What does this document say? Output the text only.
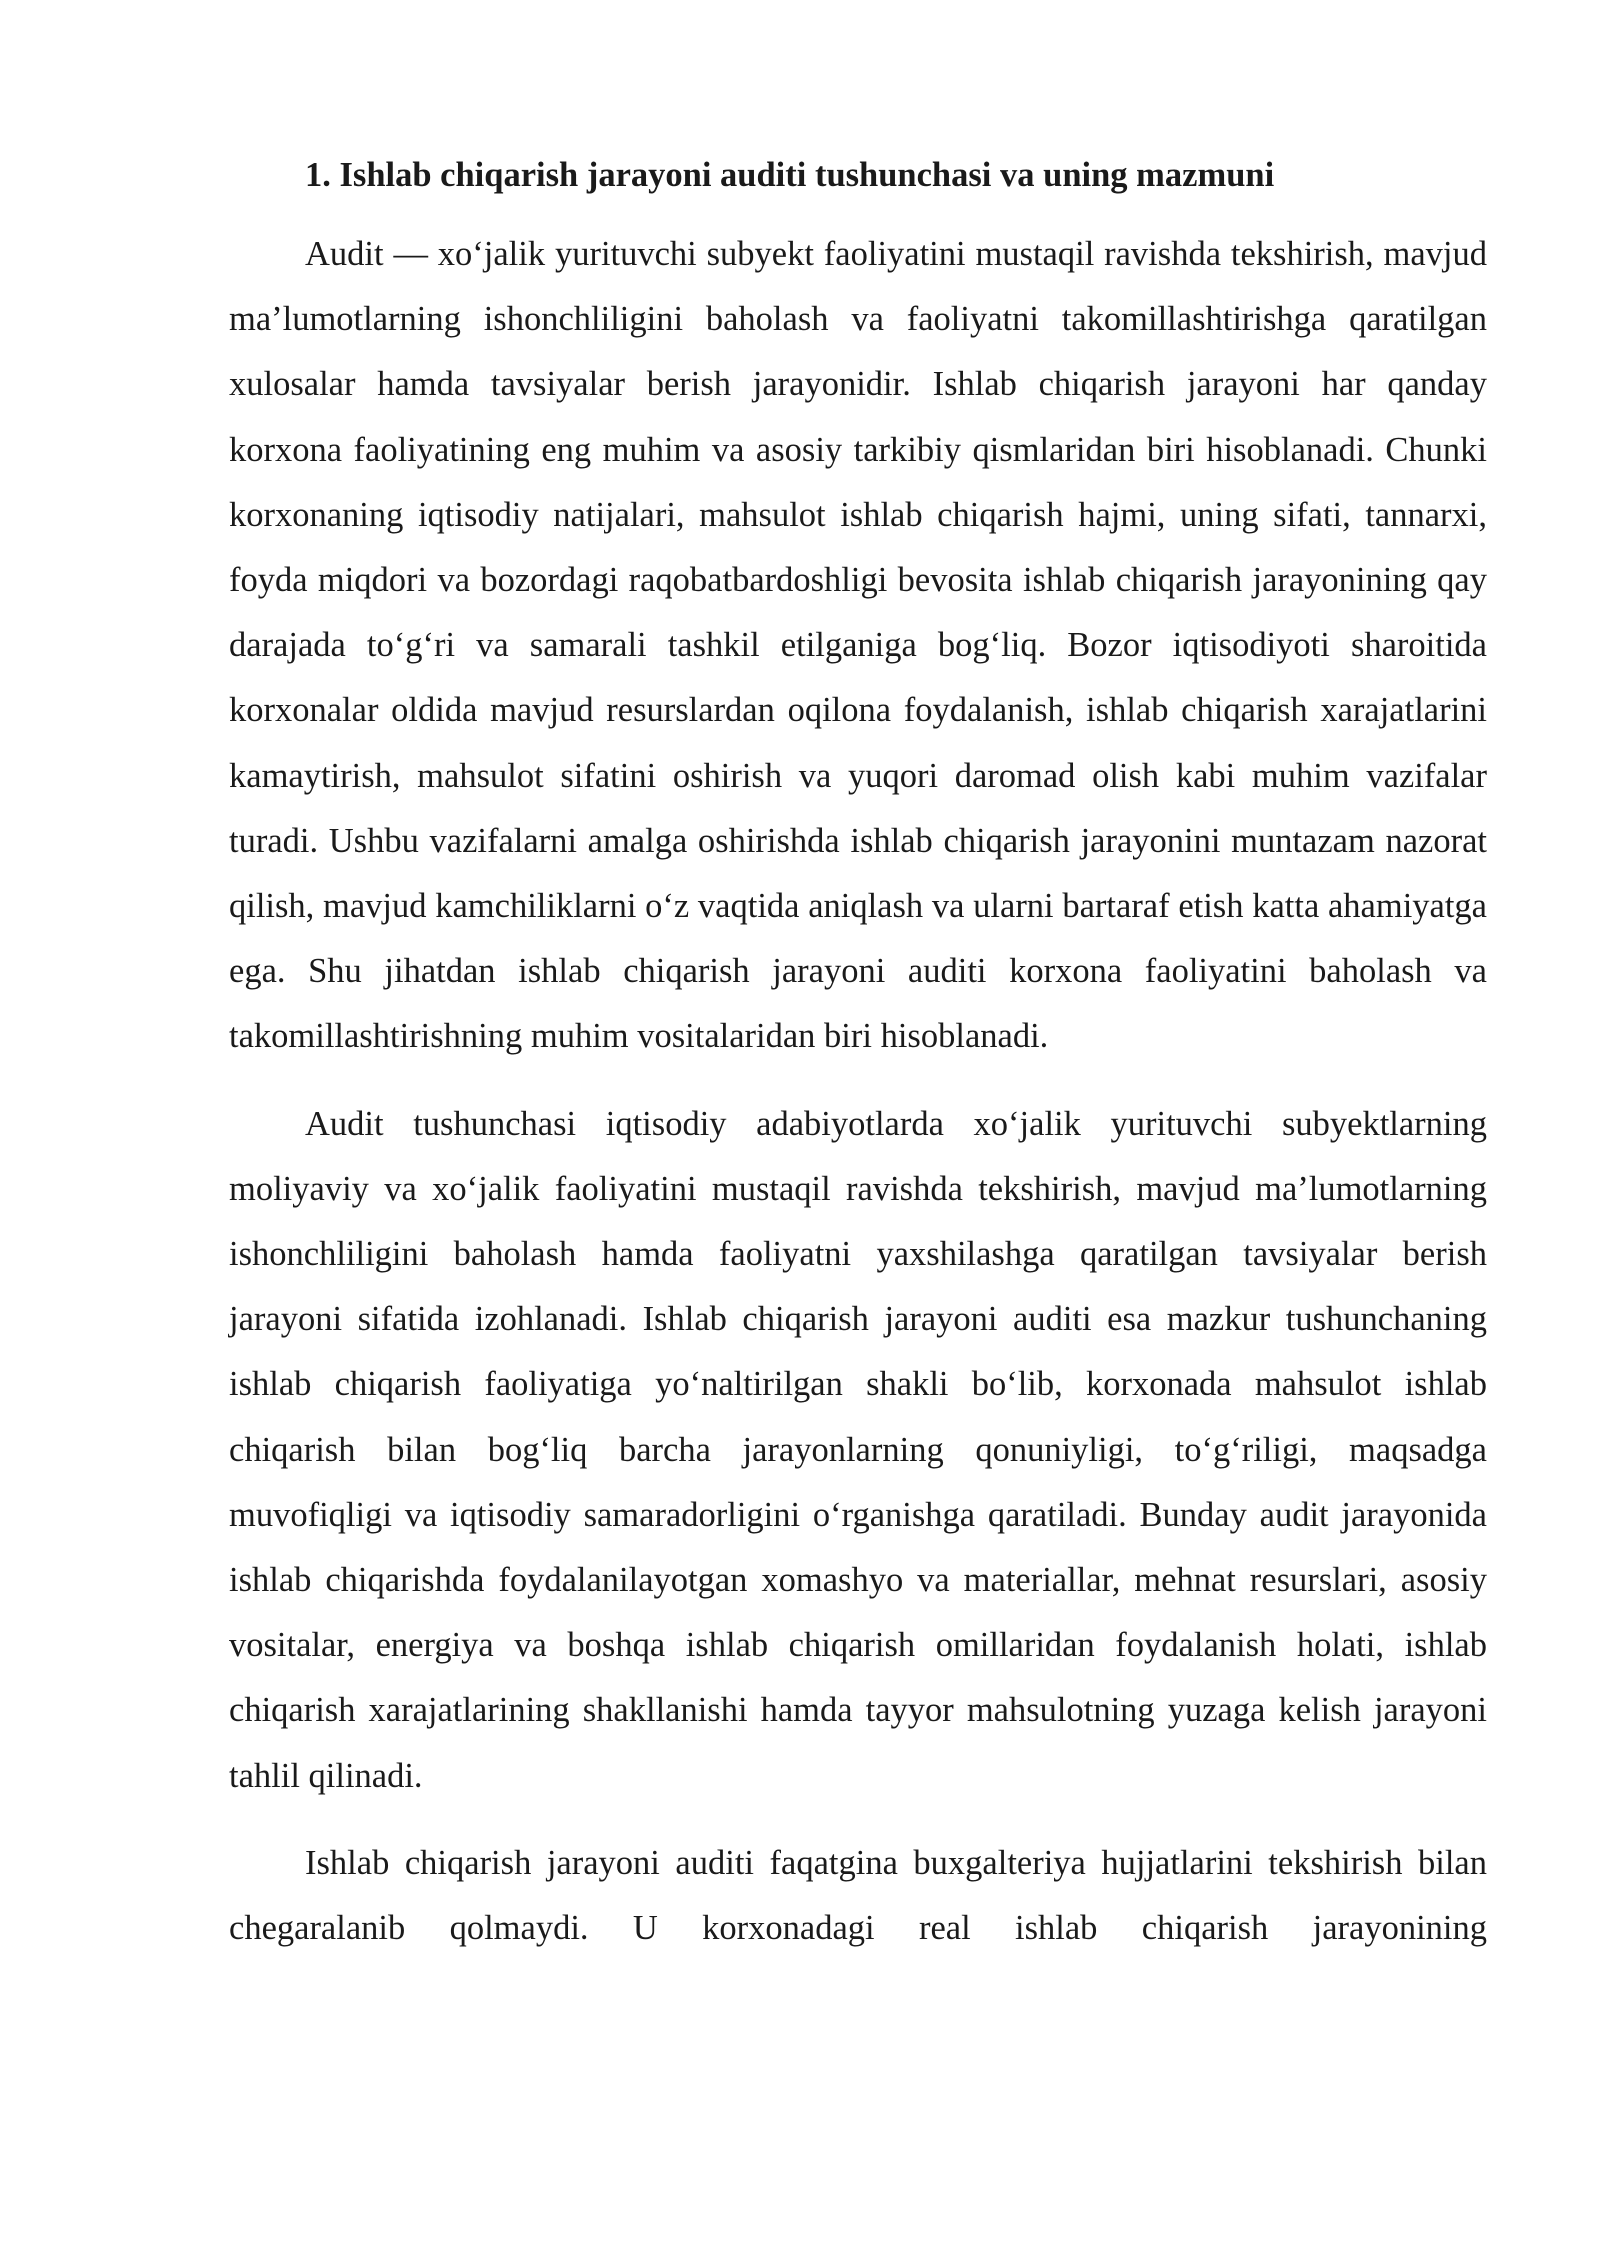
1. Ishlab chiqarish jarayoni auditi tushunchasi va uning mazmuni

Audit — xo‘jalik yurituvchi subyekt faoliyatini mustaqil ravishda tekshirish, mavjud ma’lumotlarning ishonchliligini baholash va faoliyatni takomillashtirishga qaratilgan xulosalar hamda tavsiyalar berish jarayonidir. Ishlab chiqarish jarayoni har qanday korxona faoliyatining eng muhim va asosiy tarkibiy qismlaridan biri hisoblanadi. Chunki korxonaning iqtisodiy natijalari, mahsulot ishlab chiqarish hajmi, uning sifati, tannarxi, foyda miqdori va bozordagi raqobatbardoshligi bevosita ishlab chiqarish jarayonining qay darajada to‘g‘ri va samarali tashkil etilganiga bog‘liq. Bozor iqtisodiyoti sharoitida korxonalar oldida mavjud resurslardan oqilona foydalanish, ishlab chiqarish xarajatlarini kamaytirish, mahsulot sifatini oshirish va yuqori daromad olish kabi muhim vazifalar turadi. Ushbu vazifalarni amalga oshirishda ishlab chiqarish jarayonini muntazam nazorat qilish, mavjud kamchiliklarni o‘z vaqtida aniqlash va ularni bartaraf etish katta ahamiyatga ega. Shu jihatdan ishlab chiqarish jarayoni auditi korxona faoliyatini baholash va takomillashtirishning muhim vositalaridan biri hisoblanadi.

Audit tushunchasi iqtisodiy adabiyotlarda xo‘jalik yurituvchi subyektlarning moliyaviy va xo‘jalik faoliyatini mustaqil ravishda tekshirish, mavjud ma’lumotlarning ishonchliligini baholash hamda faoliyatni yaxshilashga qaratilgan tavsiyalar berish jarayoni sifatida izohlanadi. Ishlab chiqarish jarayoni auditi esa mazkur tushunchaning ishlab chiqarish faoliyatiga yo‘naltirilgan shakli bo‘lib, korxonada mahsulot ishlab chiqarish bilan bog‘liq barcha jarayonlarning qonuniyligi, to‘g‘riligi, maqsadga muvofiqligi va iqtisodiy samaradorligini o‘rganishga qaratiladi. Bunday audit jarayonida ishlab chiqarishda foydalanilayotgan xomashyo va materiallar, mehnat resurslari, asosiy vositalar, energiya va boshqa ishlab chiqarish omillaridan foydalanish holati, ishlab chiqarish xarajatlarining shakllanishi hamda tayyor mahsulotning yuzaga kelish jarayoni tahlil qilinadi.

Ishlab chiqarish jarayoni auditi faqatgina buxgalteriya hujjatlarini tekshirish bilan chegaralanib qolmaydi. U korxonadagi real ishlab chiqarish jarayonining
